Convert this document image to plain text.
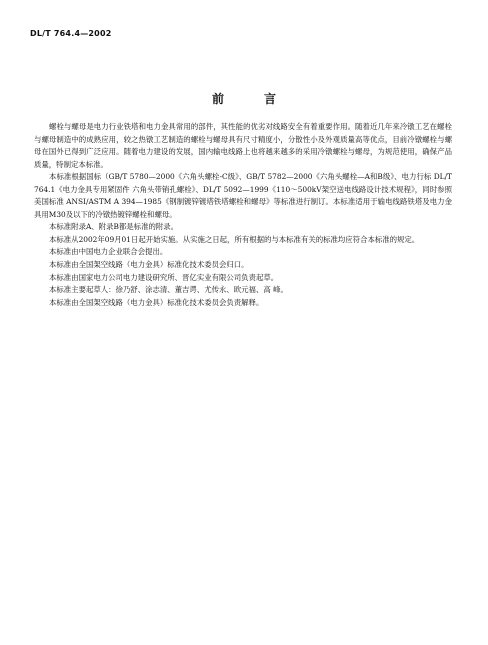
DL/T 764.4—2002
前　言

螺栓与螺母是电力行业铁塔和电力金具常用的部件，其性能的优劣对线路安全有着重要作用。随着近几年来冷镦工艺在螺栓与螺母制造中的成熟应用，较之热镦工艺制造的螺栓与螺母具有尺寸精度小，分散性小及外观质量高等优点，目前冷镦螺栓与螺母在国外已得到广泛应用。随着电力建设的发展，国内输电线路上也将越来越多的采用冷镦螺栓与螺母，为规范使用，确保产品质量，特制定本标准。

本标准根据国标（GB/T 5780—2000《六角头螺栓-C级》、GB/T 5782—2000《六角头螺栓—A和B级》、电力行标 DL/T 764.1《电力金具专用紧固件 六角头带销孔螺栓》、DL/T 5092—1999《110～500kV架空送电线路设计技术规程》，同时参照美国标准 ANSI/ASTM A 394—1985《钢制镀锌镀塔铁塔螺栓和螺母》等标准进行制订。本标准适用于输电线路铁塔及电力金具用M30及以下的冷镦热镀锌螺栓和螺母。

本标准附录A、附录B都是标准的附录。

本标准从2002年09月01日起开始实施。从实施之日起，所有根据的与本标准有关的标准均应符合本标准的规定。

本标准由中国电力企业联合会提出。

本标准由全国架空线路（电力金具）标准化技术委员会归口。

本标准由国家电力公司电力建设研究所、晋亿实业有限公司负责起草。

本标准主要起草人：徐乃舒、涂志清、董吉谔、尤传永、欧元福、高 峰。

本标准由全国架空线路（电力金具）标准化技术委员会负责解释。
